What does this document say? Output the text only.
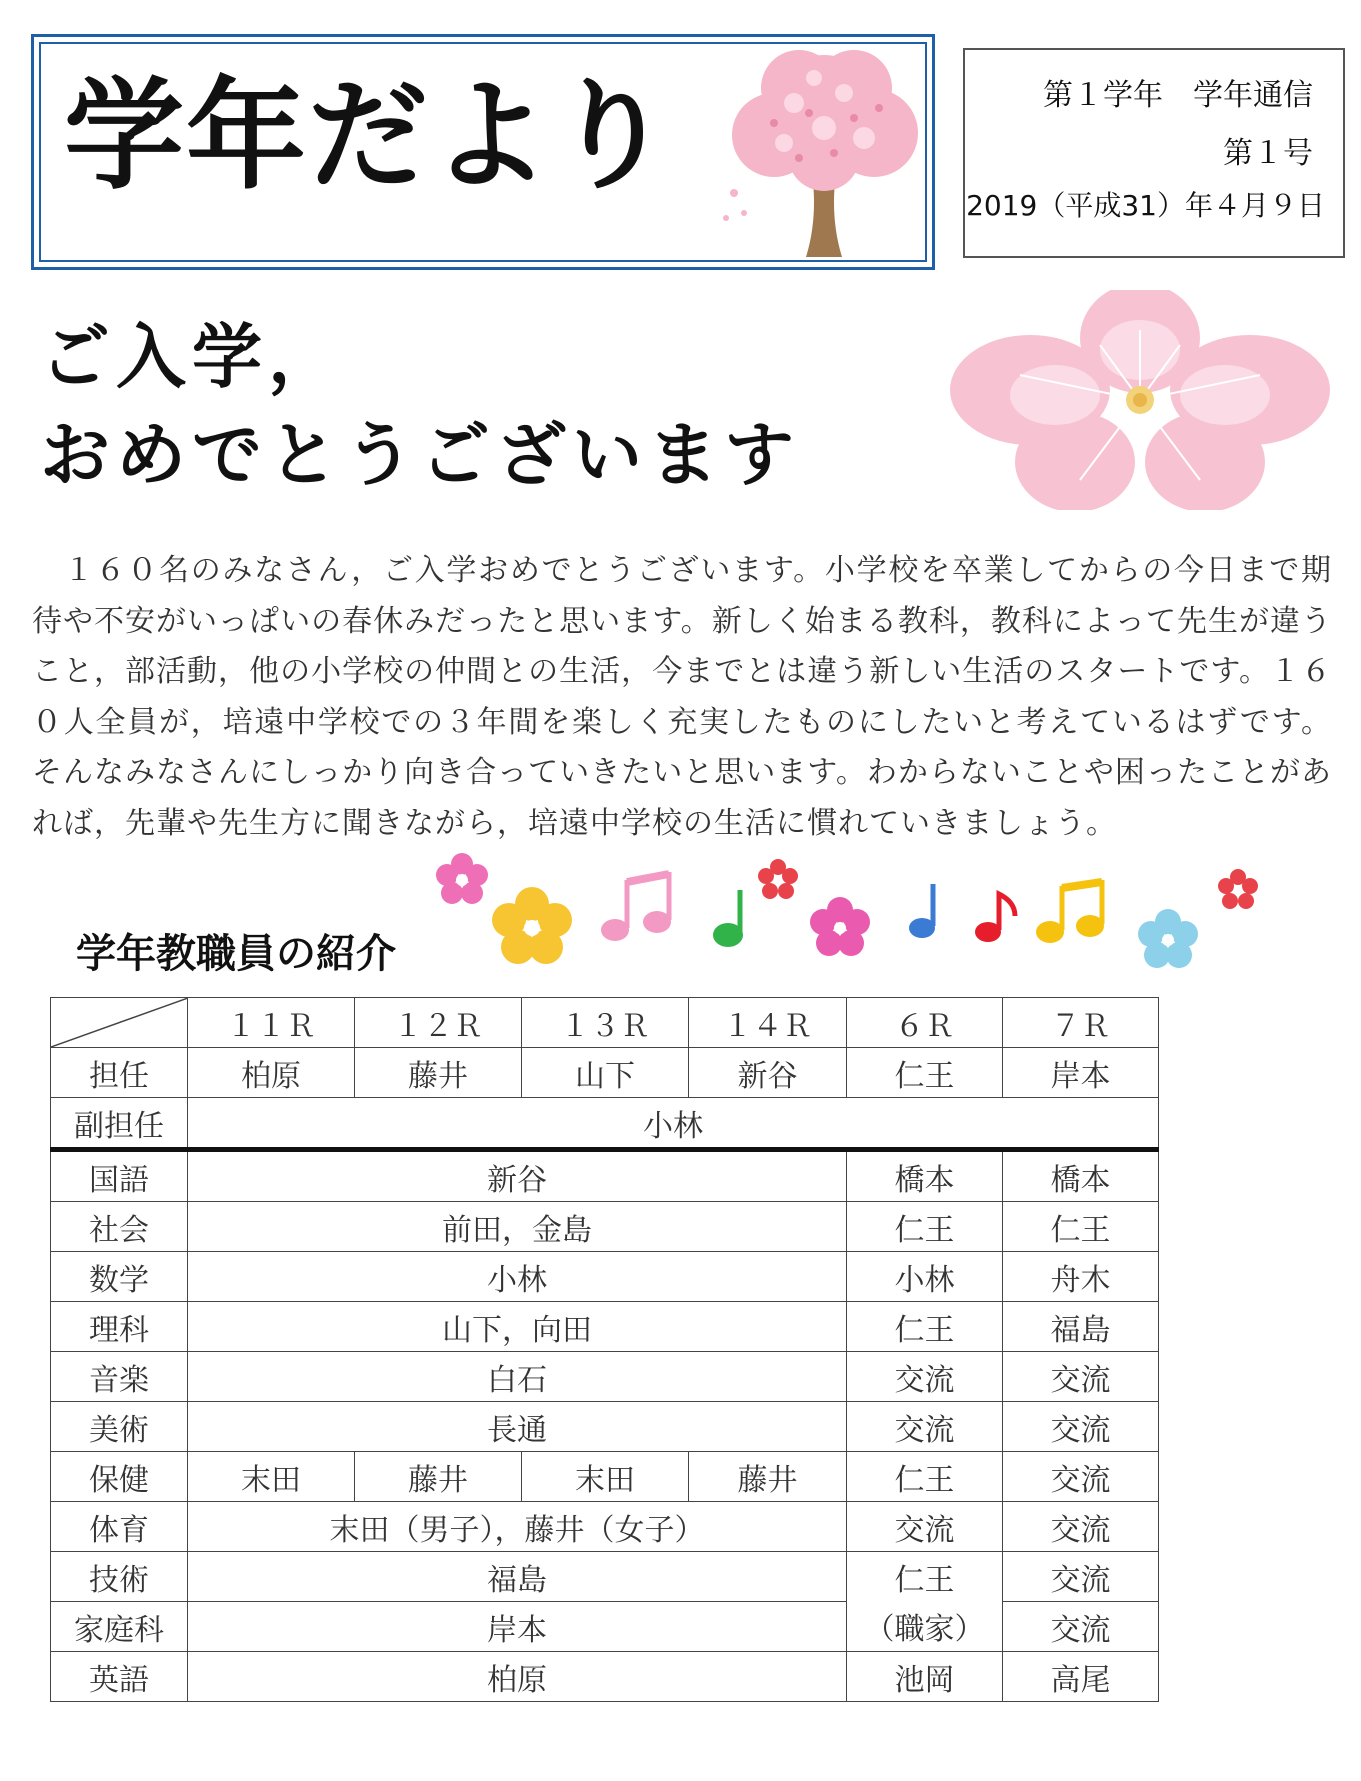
学年だより	第１学年　学年通信
第１号
2019（平成31）年４月９日
ご入学，
おめでとうございます
　１６０名のみなさん，ご入学おめでとうございます。小学校を卒業してからの今日まで期待や不安がいっぱいの春休みだったと思います。新しく始まる教科，教科によって先生が違うこと，部活動，他の小学校の仲間との生活，今までとは違う新しい生活のスタートです。１６０人全員が，培遠中学校での３年間を楽しく充実したものにしたいと考えているはずです。そんなみなさんにしっかり向き合っていきたいと思います。わからないことや困ったことがあれば，先輩や先生方に聞きながら，培遠中学校の生活に慣れていきましょう。
学年教職員の紹介
	１１Ｒ	１２Ｒ	１３Ｒ	１４Ｒ	６Ｒ	７Ｒ
担任	柏原	藤井	山下	新谷	仁王	岸本
副担任	小林					
国語	新谷				橋本	橋本
社会	前田，金島				仁王	仁王
数学	小林				小林	舟木
理科	山下，向田				仁王	福島
音楽	白石				交流	交流
美術	長通				交流	交流
保健	末田	藤井	末田	藤井	仁王	交流
体育	末田（男子），藤井（女子）				交流	交流
技術	福島				仁王	交流
家庭科	岸本				（職家）	交流
英語	柏原				池岡	高尾
